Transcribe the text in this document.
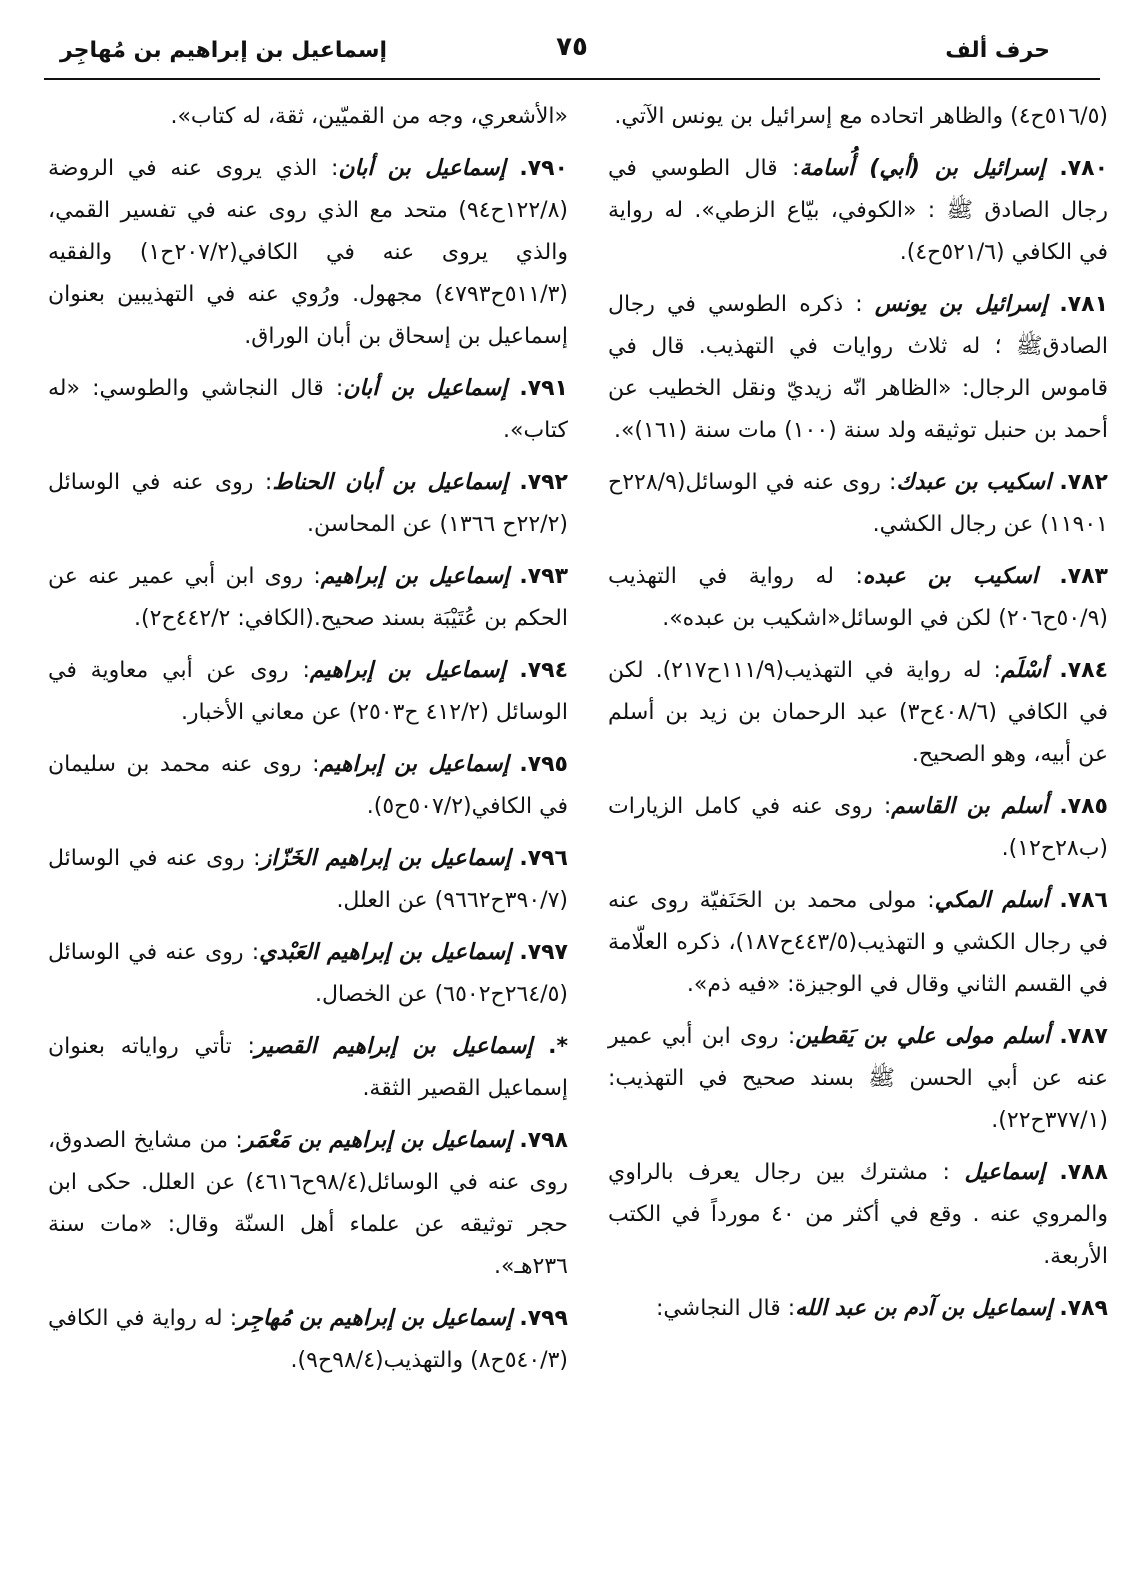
حرف ألف
٧٥
إسماعيل بن إبراهيم بن مُهاجِر
(٥١٦/٥ح٤) والظاهر اتحاده مع إسرائيل بن يونس الآتي.
٧٨٠. إسرائيل بن (أبي) أُسامة: قال الطوسي في رجال الصادق ﷺ : «الكوفي، بيّاع الزطي». له رواية في الكافي (٥٢١/٦ح٤).
٧٨١. إسرائيل بن يونس : ذكره الطوسي في رجال الصادقﷺ ؛ له ثلاث روايات في التهذيب. قال في قاموس الرجال: «الظاهر انّه زيديّ ونقل الخطيب عن أحمد بن حنبل توثيقه ولد سنة (١٠٠) مات سنة (١٦١)».
٧٨٢. اسكيب بن عبدك: روى عنه في الوسائل(٢٢٨/٩ح ١١٩٠١) عن رجال الكشي.
٧٨٣. اسكيب بن عبده: له رواية في التهذيب (٥٠/٩ح٢٠٦) لكن في الوسائل«اشكيب بن عبده».
٧٨٤. أسْلَم: له رواية في التهذيب(١١١/٩ح٢١٧). لكن في الكافي (٤٠٨/٦ح٣) عبد الرحمان بن زيد بن أسلم عن أبيه، وهو الصحيح.
٧٨٥. أسلم بن القاسم: روى عنه في كامل الزيارات (ب٢٨ح١٢).
٧٨٦. أسلم المكي: مولى محمد بن الحَنَفيّة روى عنه في رجال الكشي و التهذيب(٤٤٣/٥ح١٨٧)، ذكره العلّامة في القسم الثاني وقال في الوجيزة: «فيه ذم».
٧٨٧. أسلم مولى علي بن يَقطين: روى ابن أبي عمير عنه عن أبي الحسن ﷺ بسند صحيح في التهذيب: (٣٧٧/١ح٢٢).
٧٨٨. إسماعيل : مشترك بين رجال يعرف بالراوي والمروي عنه . وقع في أكثر من ٤٠ مورداً في الكتب الأربعة.
٧٨٩. إسماعيل بن آدم بن عبد الله: قال النجاشي:
«الأشعري، وجه من القميّين، ثقة، له كتاب».
٧٩٠. إسماعيل بن أبان: الذي يروى عنه في الروضة (١٢٢/٨ح٩٤) متحد مع الذي روى عنه في تفسير القمي، والذي يروى عنه في الكافي(٢٠٧/٢ح١) والفقيه (٥١١/٣ح٤٧٩٣) مجهول. ورُوي عنه في التهذيبين بعنوان إسماعيل بن إسحاق بن أبان الوراق.
٧٩١. إسماعيل بن أبان: قال النجاشي والطوسي: «له كتاب».
٧٩٢. إسماعيل بن أبان الحناط: روى عنه في الوسائل (٢٢/٢ح ١٣٦٦) عن المحاسن.
٧٩٣. إسماعيل بن إبراهيم: روى ابن أبي عمير عنه عن الحكم بن عُتَيْبَة بسند صحيح.(الكافي: ٤٤٢/٢ح٢).
٧٩٤. إسماعيل بن إبراهيم: روى عن أبي معاوية في الوسائل (٤١٢/٢ ح٢٥٠٣) عن معاني الأخبار.
٧٩٥. إسماعيل بن إبراهيم: روى عنه محمد بن سليمان في الكافي(٥٠٧/٢ح٥).
٧٩٦. إسماعيل بن إبراهيم الخَزّاز: روى عنه في الوسائل (٣٩٠/٧ح٩٦٦٢) عن العلل.
٧٩٧. إسماعيل بن إبراهيم العَبْدي: روى عنه في الوسائل (٢٦٤/٥ح٦٥٠٢) عن الخصال.
*. إسماعيل بن إبراهيم القصير: تأتي رواياته بعنوان إسماعيل القصير الثقة.
٧٩٨. إسماعيل بن إبراهيم بن مَعْمَر: من مشايخ الصدوق، روى عنه في الوسائل(٩٨/٤ح٤٦١٦) عن العلل. حكى ابن حجر توثيقه عن علماء أهل السنّة وقال: «مات سنة ٢٣٦هـ».
٧٩٩. إسماعيل بن إبراهيم بن مُهاجِر: له رواية في الكافي (٥٤٠/٣ح٨) والتهذيب(٩٨/٤ح٩).
